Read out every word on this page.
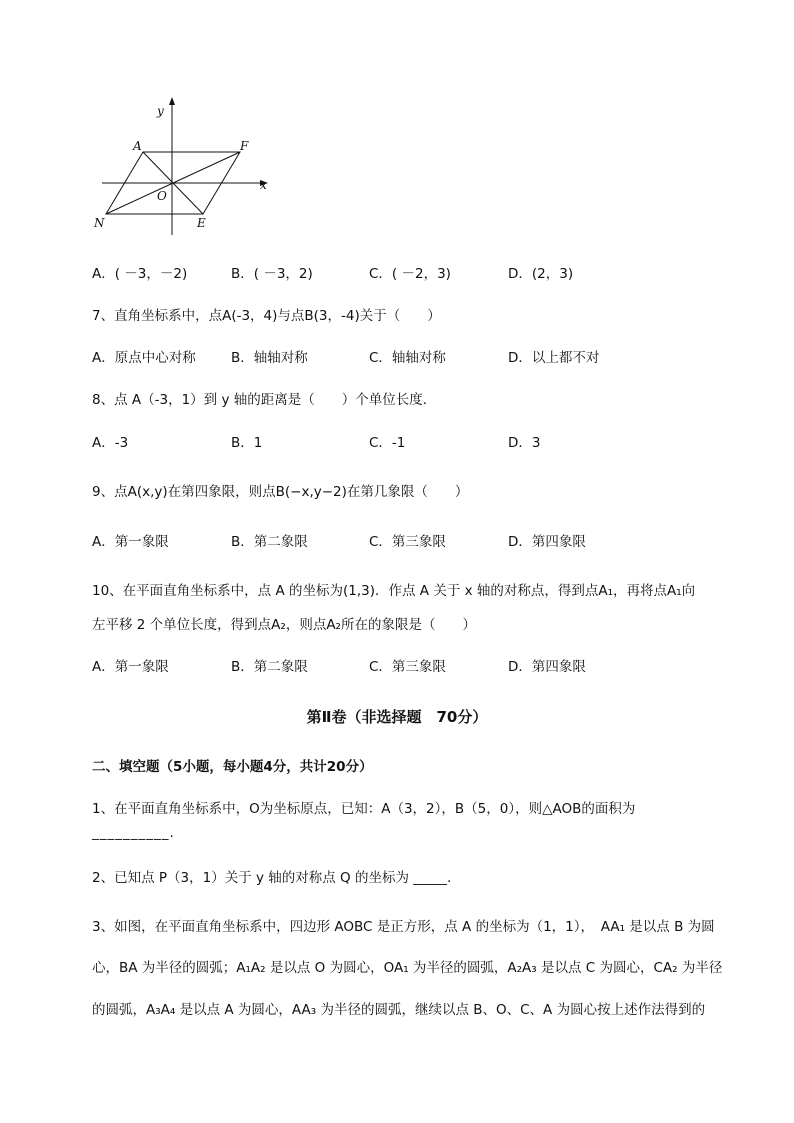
y
x
A	F
O
N	E
A．( －3，－2)	B．( －3，2)	C．( －2，3)	D．(2，3)
7、直角坐标系中，点A(-3，4)与点B(3，-4)关于（　　）
A．原点中心对称	B．轴轴对称	C．轴轴对称	D．以上都不对
8、点 A（-3，1）到 y 轴的距离是（　　）个单位长度．
A．-3	B．1	C．-1	D．3
9、点A(x,y)在第四象限，则点B(−x,y−2)在第几象限（　　）
A．第一象限	B．第二象限	C．第三象限	D．第四象限
10、在平面直角坐标系中，点 A 的坐标为(1,3)．作点 A 关于 x 轴的对称点，得到点A₁，再将点A₁向
左平移 2 个单位长度，得到点A₂，则点A₂所在的象限是（　　）
A．第一象限	B．第二象限	C．第三象限	D．第四象限
第Ⅱ卷（非选择题　70分）
二、填空题（5小题，每小题4分，共计20分）
1、在平面直角坐标系中，O为坐标原点，已知：A（3，2），B（5，0），则△AOB的面积为
__________.
2、已知点 P（3，1）关于 y 轴的对称点 Q 的坐标为 _____.
3、如图，在平面直角坐标系中，四边形 AOBC 是正方形，点 A 的坐标为（1，1），　AA₁ 是以点 B 为圆
心，BA 为半径的圆弧；A₁A₂ 是以点 O 为圆心，OA₁ 为半径的圆弧，A₂A₃ 是以点 C 为圆心，CA₂ 为半径
的圆弧，A₃A₄ 是以点 A 为圆心，AA₃ 为半径的圆弧，继续以点 B、O、C、A 为圆心按上述作法得到的
